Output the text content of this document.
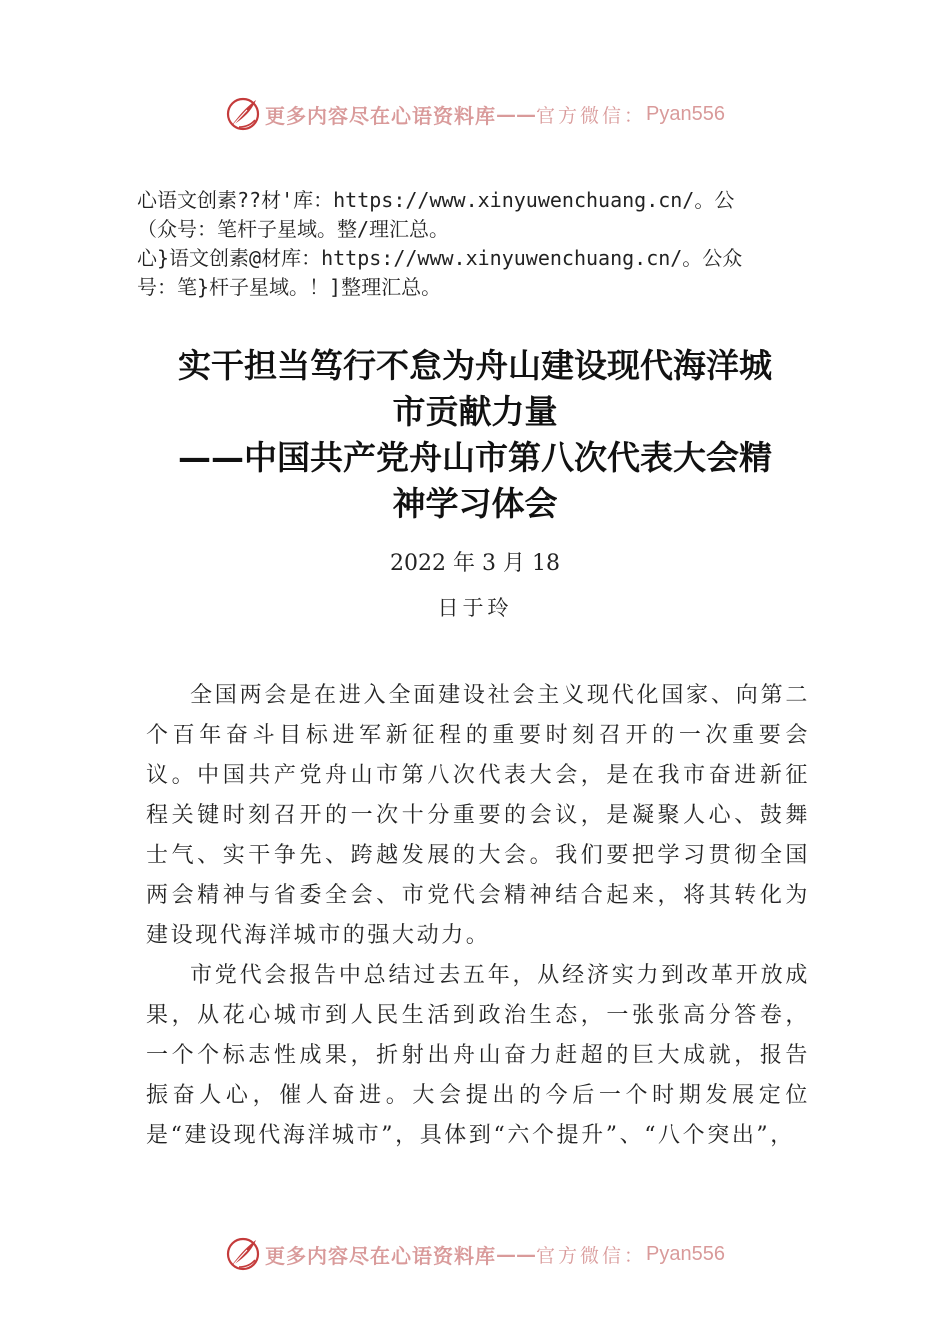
更多内容尽在心语资料库 —— 官方微信： Pyan556
心语文创素??材'库：https://www.xinyuwenchuang.cn/。公
（众号：笔杆子星域。整/理汇总。
心}语文创素@材库：https://www.xinyuwenchuang.cn/。公众
号：笔}杆子星域。！]整理汇总。
实干担当笃行不怠为舟山建设现代海洋城
市贡献力量
——中国共产党舟山市第八次代表大会精
神学习体会
2022 年 3 月 18
日于玲

全国两会是在进入全面建设社会主义现代化国家、向第二个百年奋斗目标进军新征程的重要时刻召开的一次重要会议。中国共产党舟山市第八次代表大会，是在我市奋进新征程关键时刻召开的一次十分重要的会议，是凝聚人心、鼓舞士气、实干争先、跨越发展的大会。我们要把学习贯彻全国两会精神与省委全会、市党代会精神结合起来，将其转化为建设现代海洋城市的强大动力。

市党代会报告中总结过去五年，从经济实力到改革开放成果，从花心城市到人民生活到政治生态，一张张高分答卷，一个个标志性成果，折射出舟山奋力赶超的巨大成就，报告振奋人心，催人奋进。大会提出的今后一个时期发展定位是“建设现代海洋城市”，具体到“六个提升”、“八个突出”，

更多内容尽在心语资料库 —— 官方微信： Pyan556
